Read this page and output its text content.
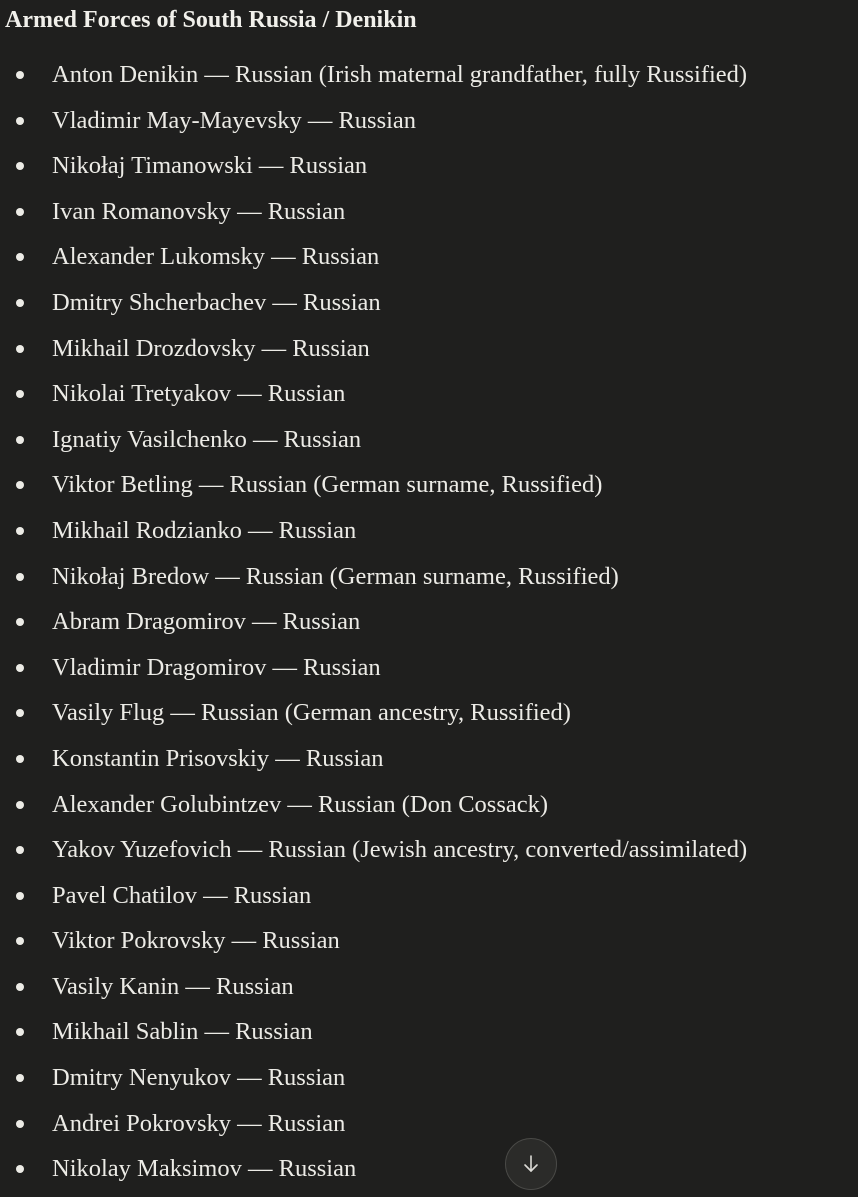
Armed Forces of South Russia / Denikin
Anton Denikin — Russian (Irish maternal grandfather, fully Russified)
Vladimir May-Mayevsky — Russian
Nikołaj Timanowski — Russian
Ivan Romanovsky — Russian
Alexander Lukomsky — Russian
Dmitry Shcherbachev — Russian
Mikhail Drozdovsky — Russian
Nikolai Tretyakov — Russian
Ignatiy Vasilchenko — Russian
Viktor Betling — Russian (German surname, Russified)
Mikhail Rodzianko — Russian
Nikołaj Bredow — Russian (German surname, Russified)
Abram Dragomirov — Russian
Vladimir Dragomirov — Russian
Vasily Flug — Russian (German ancestry, Russified)
Konstantin Prisovskiy — Russian
Alexander Golubintzev — Russian (Don Cossack)
Yakov Yuzefovich — Russian (Jewish ancestry, converted/assimilated)
Pavel Chatilov — Russian
Viktor Pokrovsky — Russian
Vasily Kanin — Russian
Mikhail Sablin — Russian
Dmitry Nenyukov — Russian
Andrei Pokrovsky — Russian
Nikolay Maksimov — Russian
